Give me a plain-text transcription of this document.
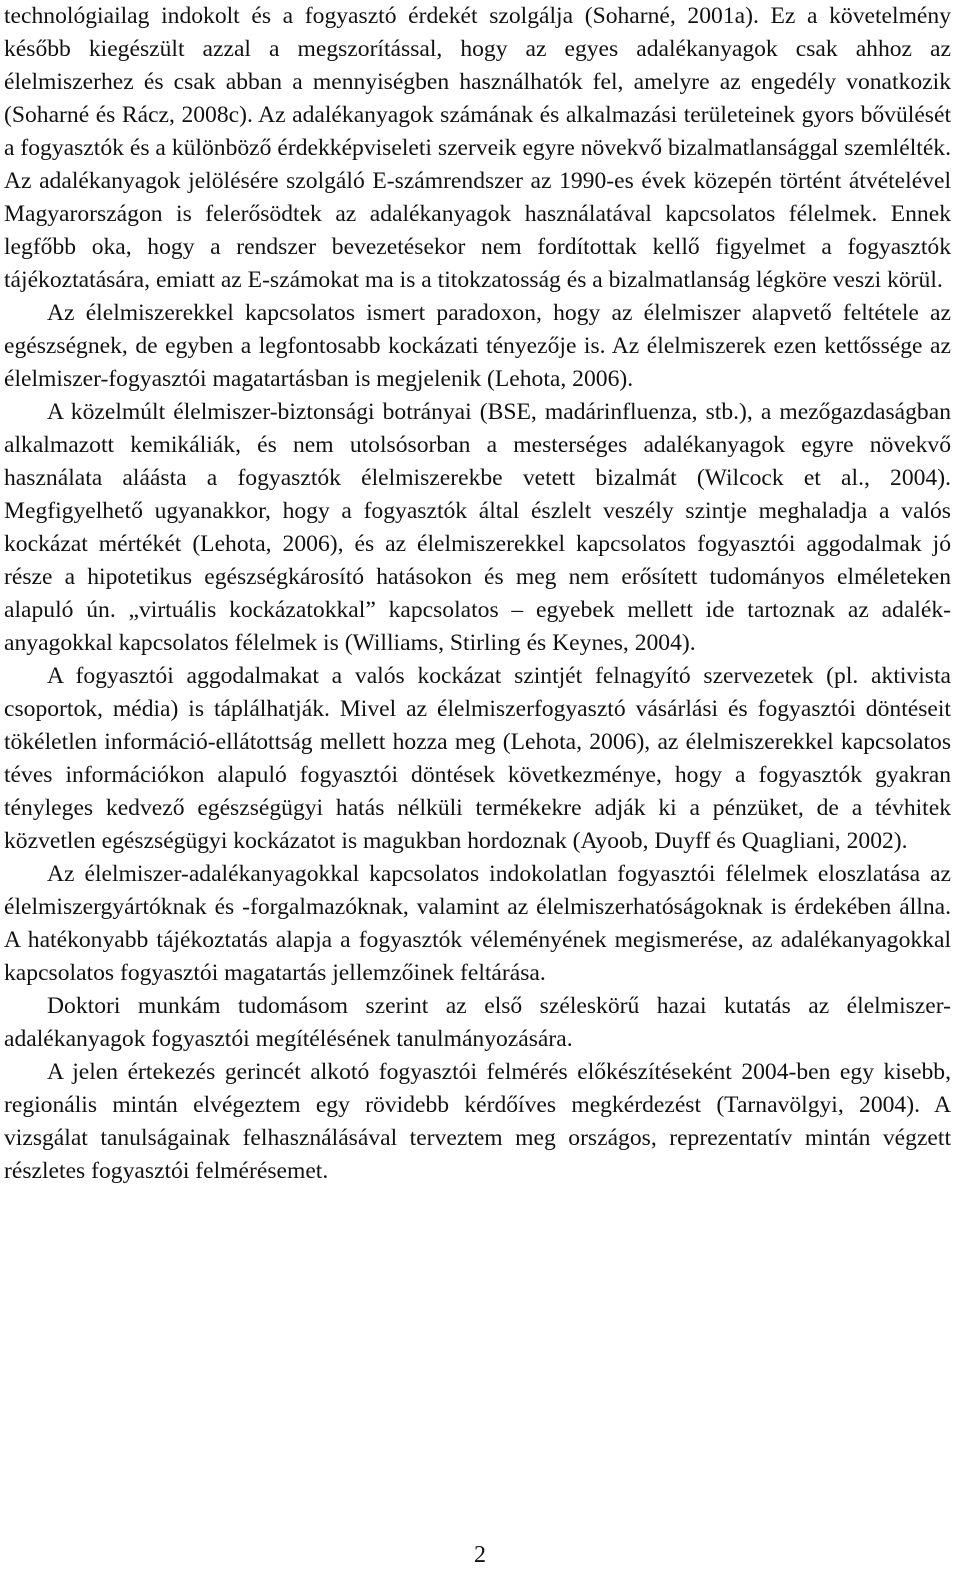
technológiailag indokolt és a fogyasztó érdekét szolgálja (Soharné, 2001a). Ez a követelmény később kiegészült azzal a megszorítással, hogy az egyes adalékanyagok csak ahhoz az élelmiszerhez és csak abban a mennyiségben használhatók fel, amelyre az engedély vonatkozik (Soharné és Rácz, 2008c). Az adalékanyagok számának és alkalmazási területeinek gyors bővülését a fogyasztók és a különböző érdekképviseleti szerveik egyre növekvő bizalmatlansággal szemlélték. Az adalékanyagok jelölésére szolgáló E-számrendszer az 1990-es évek közepén történt átvételével Magyarországon is felerősödtek az adalékanyagok használatával kapcsolatos félelmek. Ennek legfőbb oka, hogy a rendszer bevezetésekor nem fordítottak kellő figyelmet a fogyasztók tájékoztatására, emiatt az E-számokat ma is a titokzatosság és a bizalmatlanság légköre veszi körül.

Az élelmiszerekkel kapcsolatos ismert paradoxon, hogy az élelmiszer alapvető feltétele az egészségnek, de egyben a legfontosabb kockázati tényezője is. Az élelmiszerek ezen kettőssége az élelmiszer-fogyasztói magatartásban is megjelenik (Lehota, 2006).

A közelmúlt élelmiszer-biztonsági botrányai (BSE, madárinfluenza, stb.), a mezőgazdaságban alkalmazott kemikáliák, és nem utolsósorban a mesterséges adalékanyagok egyre növekvő használata aláásta a fogyasztók élelmiszerekbe vetett bizalmát (Wilcock et al., 2004). Megfigyelhető ugyanakkor, hogy a fogyasztók által észlelt veszély szintje meghaladja a valós kockázat mértékét (Lehota, 2006), és az élelmiszerekkel kapcsolatos fogyasztói aggodalmak jó része a hipotetikus egészségkárosító hatásokon és meg nem erősített tudományos elméleteken alapuló ún. „virtuális kockázatokkal” kapcsolatos – egyebek mellett ide tartoznak az adalékanyagokkal kapcsolatos félelmek is (Williams, Stirling és Keynes, 2004).

A fogyasztói aggodalmakat a valós kockázat szintjét felnagyító szervezetek (pl. aktivista csoportok, média) is táplálhatják. Mivel az élelmiszerfogyasztó vásárlási és fogyasztói döntéseit tökéletlen információ-ellátottság mellett hozza meg (Lehota, 2006), az élelmiszerekkel kapcsolatos téves információkon alapuló fogyasztói döntések következménye, hogy a fogyasztók gyakran tényleges kedvező egészségügyi hatás nélküli termékekre adják ki a pénzüket, de a tévhitek közvetlen egészségügyi kockázatot is magukban hordoznak (Ayoob, Duyff és Quagliani, 2002).

Az élelmiszer-adalékanyagokkal kapcsolatos indokolatlan fogyasztói félelmek eloszlatása az élelmiszergyártóknak és -forgalmazóknak, valamint az élelmiszerhatóságoknak is érdekében állna. A hatékonyabb tájékoztatás alapja a fogyasztók véleményének megismerése, az adalékanyagokkal kapcsolatos fogyasztói magatartás jellemzőinek feltárása.

Doktori munkám tudomásom szerint az első széleskörű hazai kutatás az élelmiszer-adalékanyagok fogyasztói megítélésének tanulmányozására.

A jelen értekezés gerincét alkotó fogyasztói felmérés előkészítéseként 2004-ben egy kisebb, regionális mintán elvégeztem egy rövidebb kérdőíves megkérdezést (Tarnavölgyi, 2004). A vizsgálat tanulságainak felhasználásával terveztem meg országos, reprezentatív mintán végzett részletes fogyasztói felmérésemet.

2
